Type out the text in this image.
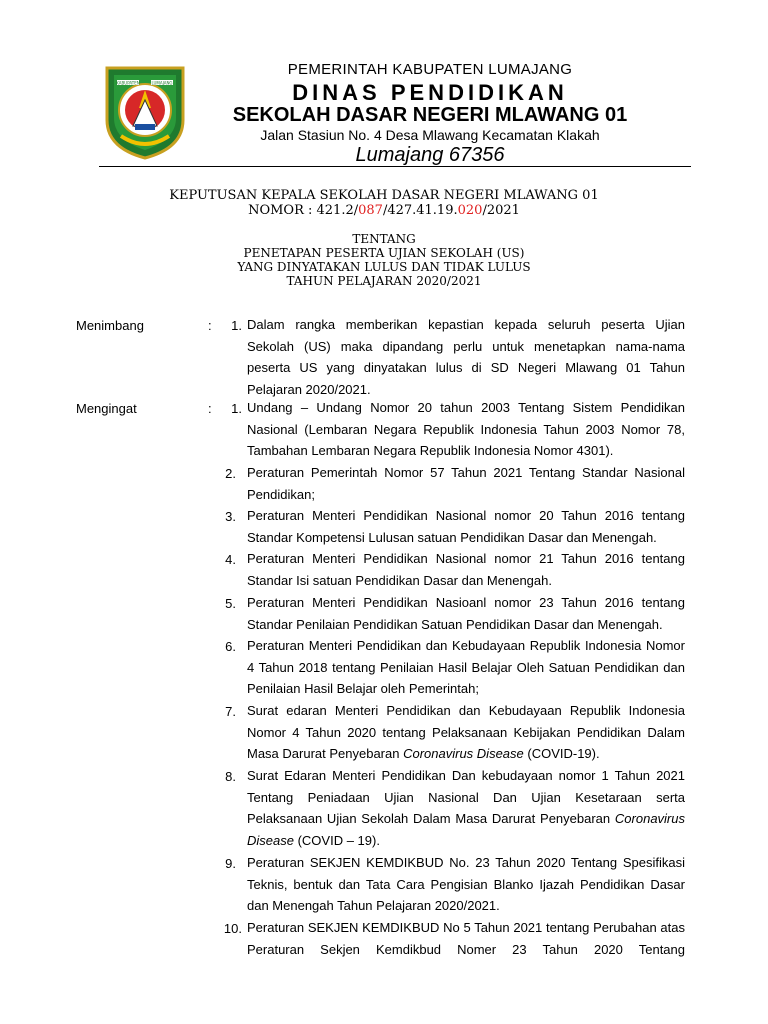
KABUPATEN	LUMAJANG
PEMERINTAH KABUPATEN LUMAJANG
DINAS PENDIDIKAN
SEKOLAH DASAR NEGERI MLAWANG 01
Jalan Stasiun No. 4 Desa Mlawang Kecamatan Klakah
Lumajang 67356
KEPUTUSAN KEPALA SEKOLAH DASAR NEGERI MLAWANG 01
NOMOR : 421.2/087/427.41.19.020/2021
TENTANG
PENETAPAN PESERTA UJIAN SEKOLAH (US)
YANG DINYATAKAN LULUS DAN TIDAK LULUS
TAHUN PELAJARAN 2020/2021
Menimbang	:	1. Dalam rangka memberikan kepastian kepada seluruh peserta Ujian Sekolah (US) maka dipandang perlu untuk menetapkan nama-nama peserta US yang dinyatakan lulus di SD Negeri Mlawang 01 Tahun Pelajaran 2020/2021.
Mengingat	:	1. Undang – Undang Nomor 20 tahun 2003 Tentang Sistem Pendidikan Nasional (Lembaran Negara Republik Indonesia Tahun 2003 Nomor 78, Tambahan Lembaran Negara Republik Indonesia Nomor 4301).
2. Peraturan Pemerintah Nomor 57 Tahun 2021 Tentang Standar Nasional Pendidikan;
3. Peraturan Menteri Pendidikan Nasional nomor 20 Tahun 2016 tentang Standar Kompetensi Lulusan satuan Pendidikan Dasar dan Menengah.
4. Peraturan Menteri Pendidikan Nasional nomor 21 Tahun 2016 tentang Standar Isi satuan Pendidikan Dasar dan Menengah.
5. Peraturan Menteri Pendidikan Nasioanl nomor 23 Tahun 2016 tentang Standar Penilaian Pendidikan Satuan Pendidikan Dasar dan Menengah.
6. Peraturan Menteri Pendidikan dan Kebudayaan Republik Indonesia Nomor 4 Tahun 2018 tentang Penilaian Hasil Belajar Oleh Satuan Pendidikan dan Penilaian Hasil Belajar oleh Pemerintah;
7. Surat edaran Menteri Pendidikan dan Kebudayaan Republik Indonesia Nomor 4 Tahun 2020 tentang Pelaksanaan Kebijakan Pendidikan Dalam Masa Darurat Penyebaran Coronavirus Disease (COVID-19).
8. Surat Edaran Menteri Pendidikan Dan kebudayaan nomor 1 Tahun 2021 Tentang Peniadaan Ujian Nasional Dan Ujian Kesetaraan serta Pelaksanaan Ujian Sekolah Dalam Masa Darurat Penyebaran Coronavirus Disease (COVID – 19).
9. Peraturan SEKJEN KEMDIKBUD No. 23 Tahun 2020 Tentang Spesifikasi Teknis, bentuk dan Tata Cara Pengisian Blanko Ijazah Pendidikan Dasar dan Menengah Tahun Pelajaran 2020/2021.
10. Peraturan SEKJEN KEMDIKBUD No 5 Tahun 2021 tentang Perubahan atas Peraturan Sekjen Kemdikbud Nomer 23 Tahun 2020 Tentang
